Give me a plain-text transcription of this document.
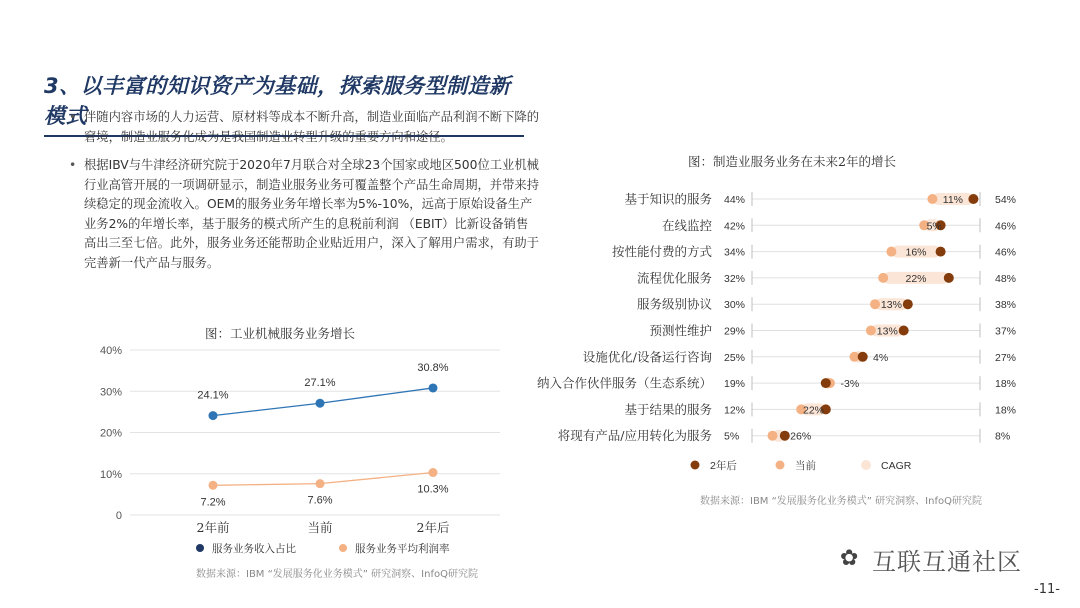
3、以丰富的知识资产为基础，探索服务型制造新模式
• 伴随内容市场的人力运营、原材料等成本不断升高，制造业面临产品利润不断下降的窘境，制造业服务化成为是我国制造业转型升级的重要方向和途径。
• 根据IBV与牛津经济研究院于2020年7月联合对全球23个国家或地区500位工业机械行业高管开展的一项调研显示，制造业服务业务可覆盖整个产品生命周期，并带来持续稳定的现金流收入。OEM的服务业务年增长率为5%-10%，远高于原始设备生产业务2%的年增长率，基于服务的模式所产生的息税前利润 （EBIT）比新设备销售高出三至七倍。此外，服务业务还能帮助企业贴近用户，深入了解用户需求，有助于完善新一代产品与服务。
图：工业机械服务业务增长
图：制造业服务业务在未来2年的增长
0
10%
20%
30%
40%
2年前	当前	2年后
24.1%
27.1%
30.8%
7.2%	7.6%
10.3%
服务业务收入占比	服务业务平均利润率
基于知识的服务 44%	11%	54%
在线监控 42%	5%	46%
按性能付费的方式 34%	16%	46%
流程优化服务 32%	22%	48%
服务级别协议 30%	13%	38%
预测性维护 29%	13%	37%
设施优化/设备运行咨询 25%	4%	27%
纳入合作伙伴服务（生态系统） 19%	-3%	18%
基于结果的服务 12%	22%	18%
将现有产品/应用转化为服务 5%	26%	8%
2年后	当前	CAGR
数据来源：IBM “发展服务化业务模式” 研究洞察、InfoQ研究院
数据来源：IBM “发展服务化业务模式” 研究洞察、InfoQ研究院
✿ 互联互通社区
-11-
